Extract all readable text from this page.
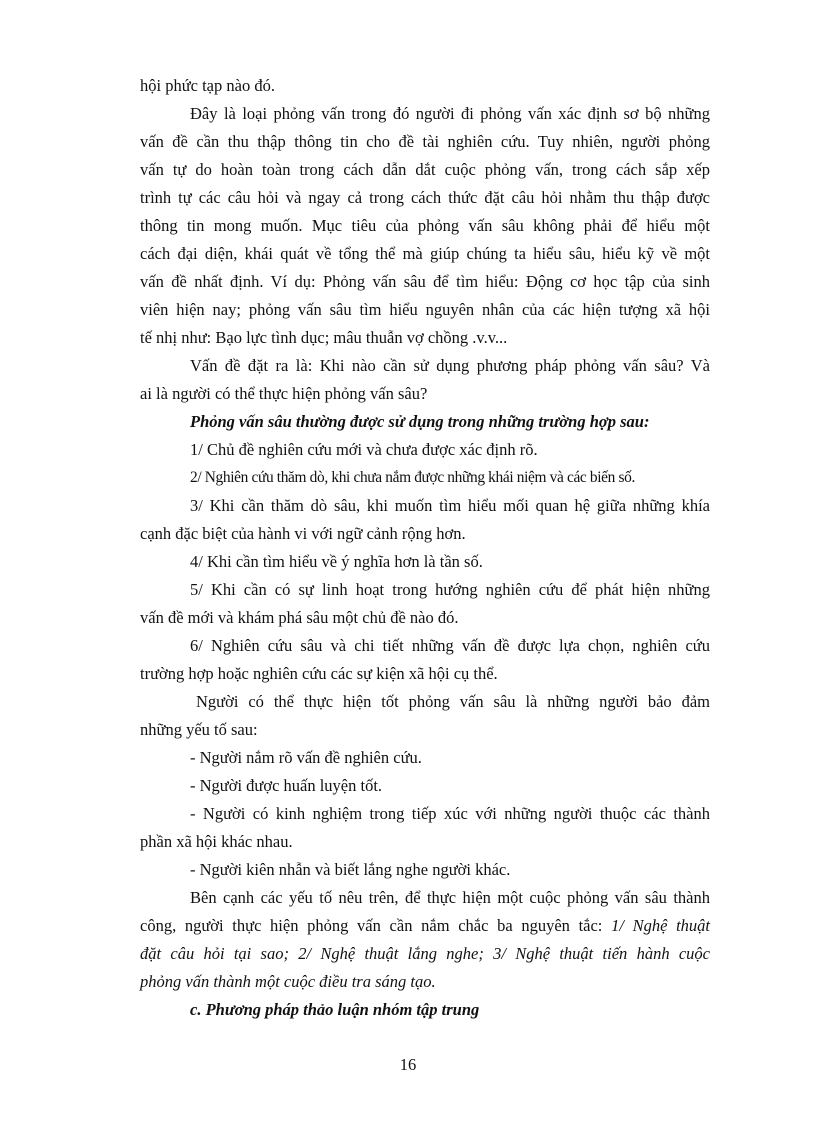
hội phức tạp nào đó.
Đây là loại phỏng vấn trong đó người đi phỏng vấn xác định sơ bộ những
vấn đề cần thu thập thông tin cho đề tài nghiên cứu. Tuy nhiên, người phỏng
vấn tự do hoàn toàn trong cách dẫn dắt cuộc phỏng vấn, trong cách sắp xếp
trình tự các câu hỏi và ngay cả trong cách thức đặt câu hỏi nhằm thu thập được
thông tin mong muốn. Mục tiêu của phỏng vấn sâu không phải để hiểu một
cách đại diện, khái quát về tổng thể mà giúp chúng ta hiểu sâu, hiểu kỹ về một
vấn đề nhất định. Ví dụ: Phỏng vấn sâu để tìm hiểu: Động cơ học tập của sinh
viên hiện nay; phỏng vấn sâu tìm hiểu nguyên nhân của các hiện tượng xã hội
tế nhị như: Bạo lực tình dục; mâu thuẫn vợ chồng .v.v...
Vấn đề đặt ra là: Khi nào cần sử dụng phương pháp phỏng vấn sâu? Và
ai là người có thể thực hiện phỏng vấn sâu?
Phỏng vấn sâu thường được sử dụng trong những trường hợp sau:
1/ Chủ đề nghiên cứu mới và chưa được xác định rõ.
2/ Nghiên cứu thăm dò, khi chưa nắm được những khái niệm và các biến số.
3/ Khi cần thăm dò sâu, khi muốn tìm hiểu mối quan hệ giữa những khía
cạnh đặc biệt của hành vi với ngữ cảnh rộng hơn.
4/ Khi cần tìm hiểu về ý nghĩa hơn là tần số.
5/ Khi cần có sự linh hoạt trong hướng nghiên cứu để phát hiện những
vấn đề mới và khám phá sâu một chủ đề nào đó.
6/ Nghiên cứu sâu và chi tiết những vấn đề được lựa chọn, nghiên cứu
trường hợp hoặc nghiên cứu các sự kiện xã hội cụ thể.
Người có thể thực hiện tốt phỏng vấn sâu là những người bảo đảm
những yếu tố sau:
- Người nắm rõ vấn đề nghiên cứu.
- Người được huấn luyện tốt.
- Người có kinh nghiệm trong tiếp xúc với những người thuộc các thành
phần xã hội khác nhau.
- Người kiên nhẫn và biết lắng nghe người khác.
Bên cạnh các yếu tố nêu trên, để thực hiện một cuộc phỏng vấn sâu thành
công, người thực hiện phỏng vấn cần nắm chắc ba nguyên tắc: 1/ Nghệ thuật
đặt câu hỏi tại sao; 2/ Nghệ thuật lắng nghe; 3/ Nghệ thuật tiến hành cuộc
phỏng vấn thành một cuộc điều tra sáng tạo.
c. Phương pháp thảo luận nhóm tập trung
16
